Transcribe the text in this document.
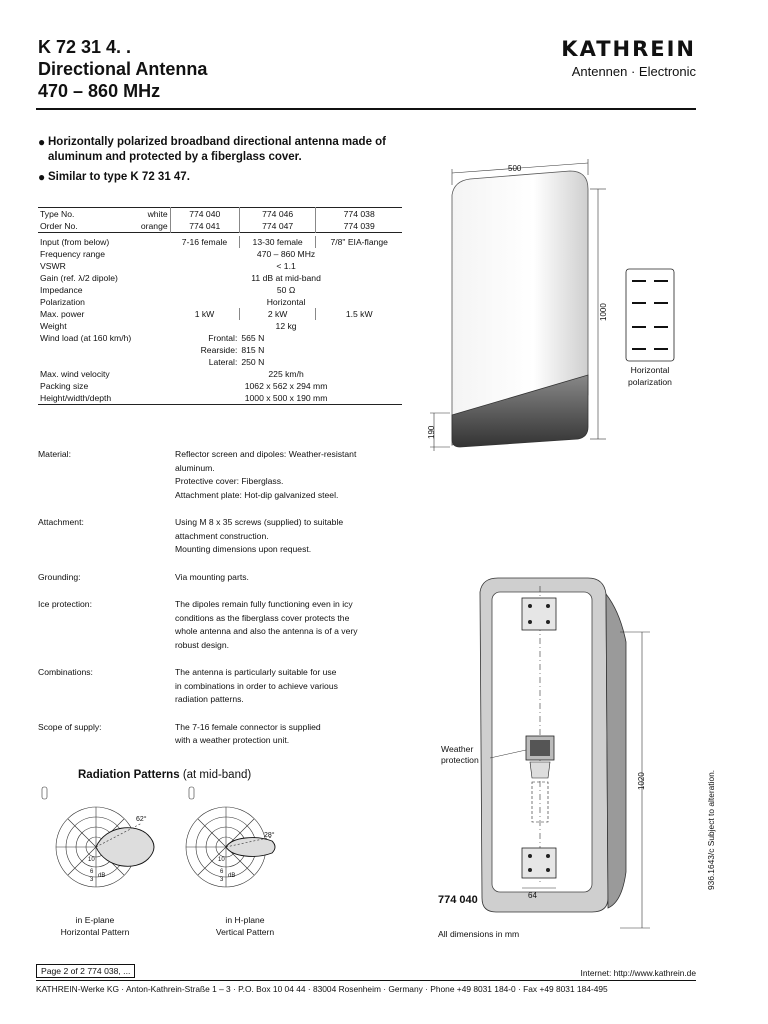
K 72 31 4. .
Directional Antenna
470 – 860 MHz
KATHREIN
Antennen · Electronic
● Horizontally polarized broadband directional antenna made of aluminum and protected by a fiberglass cover.
● Similar to type K 72 31 47.
Type No.	white	774 040	774 046	774 038
Order No.	orange	774 041	774 047	774 039

Input (from below)		7-16 female	13-30 female	7/8" EIA-flange
Frequency range		470 – 860 MHz		
VSWR		< 1.1		
Gain (ref. λ/2 dipole)		11 dB at mid-band		
Impedance		50 Ω		
Polarization		Horizontal		
Max. power		1 kW	2 kW	1.5 kW
Weight		12 kg		
Wind load (at 160 km/h)		Frontal:	565 N	
		Rearside:	815 N	
		Lateral:	250 N	
Max. wind velocity		225 km/h		
Packing size		1062 x 562 x 294 mm		
Height/width/depth		1000 x 500 x 190 mm		
Material:	Reflector screen and dipoles: Weather-resistant
aluminum.
Protective cover: Fiberglass.
Attachment plate: Hot-dip galvanized steel.
Attachment:	Using M 8 x 35 screws (supplied) to suitable
attachment construction.
Mounting dimensions upon request.
Grounding:	Via mounting parts.
Ice protection:	The dipoles remain fully functioning even in icy
conditions as the fiberglass cover protects the
whole antenna and also the antenna is of a very
robust design.
Combinations:	The antenna is particularly suitable for use
in combinations in order to achieve various
radiation patterns.
Scope of supply:	The 7-16 female connector is supplied
with a weather protection unit.
Radiation Patterns (at mid-band)
62°
28°
10
6
3
dB
10
6
3
dB
in E-plane
Horizontal Pattern
in H-plane
Vertical Pattern
500
1000
190
Horizontal
polarization
1020
64
Weather
protection
774 040
All dimensions in mm
936.1643/c Subject to alteration.
Page 2 of 2 774 038, ...	Internet: http://www.kathrein.de
KATHREIN-Werke KG · Anton-Kathrein-Straße 1 – 3 · P.O. Box 10 04 44 · 83004 Rosenheim · Germany · Phone +49 8031 184-0 · Fax +49 8031 184-495
